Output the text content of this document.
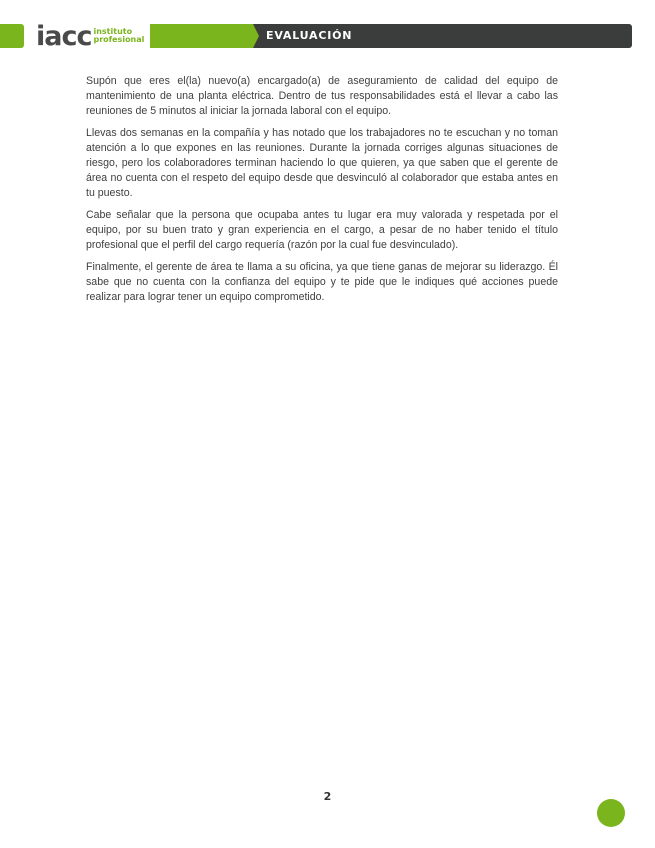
iacc instituto
profesional	EVALUACIÓN

Supón que eres el(la) nuevo(a) encargado(a) de aseguramiento de calidad del equipo de mantenimiento de una planta eléctrica. Dentro de tus responsabilidades está el llevar a cabo las reuniones de 5 minutos al iniciar la jornada laboral con el equipo.

Llevas dos semanas en la compañía y has notado que los trabajadores no te escuchan y no toman atención a lo que expones en las reuniones. Durante la jornada corriges algunas situaciones de riesgo, pero los colaboradores terminan haciendo lo que quieren, ya que saben que el gerente de área no cuenta con el respeto del equipo desde que desvinculó al colaborador que estaba antes en tu puesto.

Cabe señalar que la persona que ocupaba antes tu lugar era muy valorada y respetada por el equipo, por su buen trato y gran experiencia en el cargo, a pesar de no haber tenido el título profesional que el perfil del cargo requería (razón por la cual fue desvinculado).

Finalmente, el gerente de área te llama a su oficina, ya que tiene ganas de mejorar su liderazgo. Él sabe que no cuenta con la confianza del equipo y te pide que le indiques qué acciones puede realizar para lograr tener un equipo comprometido.

2
